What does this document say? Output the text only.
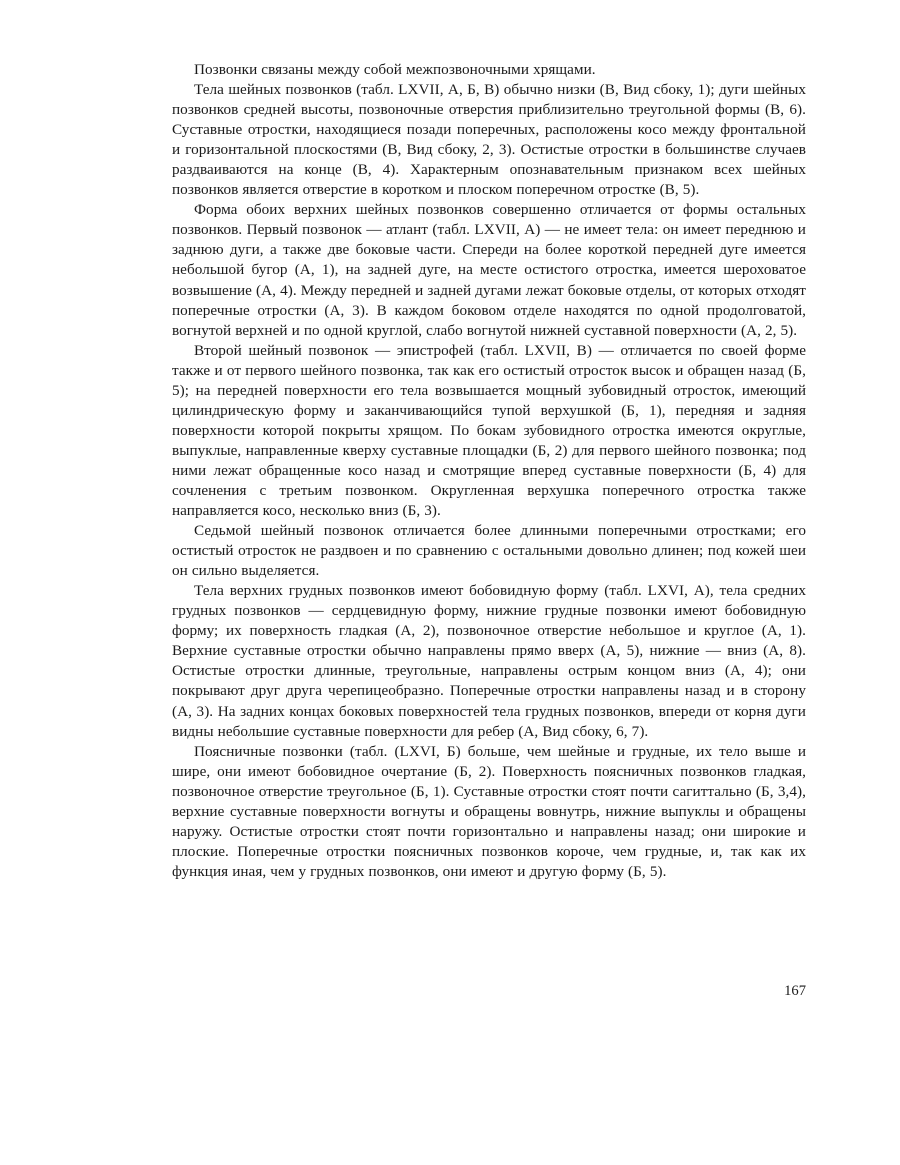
Позвонки связаны между собой межпозвоночными хрящами.

Тела шейных позвонков (табл. LXVII, А, Б, В) обычно низки (В, Вид сбоку, 1); дуги шейных позвонков средней высоты, позвоночные отверстия приблизительно треугольной формы (В, 6). Суставные отростки, находящиеся позади поперечных, расположены косо между фронтальной и горизонтальной плоскостями (В, Вид сбоку, 2, 3). Остистые отростки в большинстве случаев раздваиваются на конце (В, 4). Характерным опознавательным признаком всех шейных позвонков является отверстие в коротком и плоском поперечном отростке (В, 5).

Форма обоих верхних шейных позвонков совершенно отличается от формы остальных позвонков. Первый позвонок — атлант (табл. LXVII, А) — не имеет тела: он имеет переднюю и заднюю дуги, а также две боковые части. Спереди на более короткой передней дуге имеется небольшой бугор (А, 1), на задней дуге, на месте остистого отростка, имеется шероховатое возвышение (А, 4). Между передней и задней дугами лежат боковые отделы, от которых отходят поперечные отростки (А, 3). В каждом боковом отделе находятся по одной продолговатой, вогнутой верхней и по одной круглой, слабо вогнутой нижней суставной поверхности (А, 2, 5).

Второй шейный позвонок — эпистрофей (табл. LXVII, В) — отличается по своей форме также и от первого шейного позвонка, так как его остистый отросток высок и обращен назад (Б, 5); на передней поверхности его тела возвышается мощный зубовидный отросток, имеющий цилиндрическую форму и заканчивающийся тупой верхушкой (Б, 1), передняя и задняя поверхности которой покрыты хрящом. По бокам зубовидного отростка имеются округлые, выпуклые, направленные кверху суставные площадки (Б, 2) для первого шейного позвонка; под ними лежат обращенные косо назад и смотрящие вперед суставные поверхности (Б, 4) для сочленения с третьим позвонком. Округленная верхушка поперечного отростка также направляется косо, несколько вниз (Б, 3).

Седьмой шейный позвонок отличается более длинными поперечными отростками; его остистый отросток не раздвоен и по сравнению с остальными довольно длинен; под кожей шеи он сильно выделяется.

Тела верхних грудных позвонков имеют бобовидную форму (табл. LXVI, А), тела средних грудных позвонков — сердцевидную форму, нижние грудные позвонки имеют бобовидную форму; их поверхность гладкая (А, 2), позвоночное отверстие небольшое и круглое (А, 1). Верхние суставные отростки обычно направлены прямо вверх (А, 5), нижние — вниз (А, 8). Остистые отростки длинные, треугольные, направлены острым концом вниз (А, 4); они покрывают друг друга черепицеобразно. Поперечные отростки направлены назад и в сторону (А, 3). На задних концах боковых поверхностей тела грудных позвонков, впереди от корня дуги видны небольшие суставные поверхности для ребер (А, Вид сбоку, 6, 7).

Поясничные позвонки (табл. (LXVI, Б) больше, чем шейные и грудные, их тело выше и шире, они имеют бобовидное очертание (Б, 2). Поверхность поясничных позвонков гладкая, позвоночное отверстие треугольное (Б, 1). Суставные отростки стоят почти сагиттально (Б, 3,4), верхние суставные поверхности вогнуты и обращены вовнутрь, нижние выпуклы и обращены наружу. Остистые отростки стоят почти горизонтально и направлены назад; они широкие и плоские. Поперечные отростки поясничных позвонков короче, чем грудные, и, так как их функция иная, чем у грудных позвонков, они имеют и другую форму (Б, 5).

167
